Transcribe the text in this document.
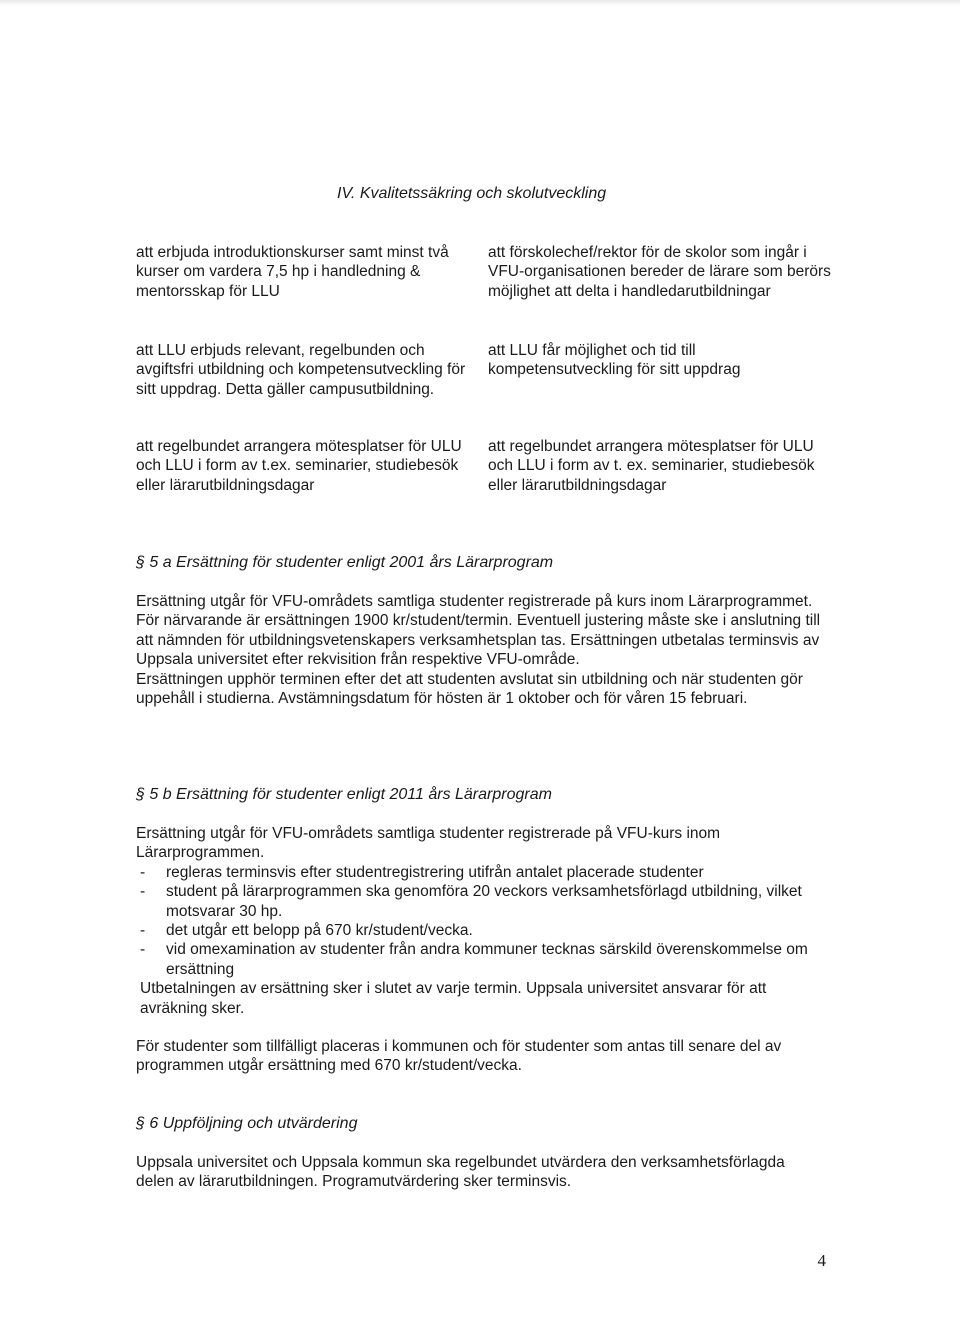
IV. Kvalitetssäkring och skolutveckling
att erbjuda introduktionskurser samt minst två kurser om vardera 7,5 hp i handledning & mentorsskap för LLU
att LLU erbjuds relevant, regelbunden och avgiftsfri utbildning och kompetensutveckling för sitt uppdrag. Detta gäller campusutbildning.
att regelbundet arrangera mötesplatser för ULU och LLU i form av t.ex. seminarier, studiebesök eller lärarutbildningsdagar
att förskolechef/rektor för de skolor som ingår i VFU-organisationen bereder de lärare som berörs möjlighet att delta i handledarutbildningar
att LLU får möjlighet och tid till kompetensutveckling för sitt uppdrag
att regelbundet arrangera mötesplatser för ULU och LLU i form av t. ex. seminarier, studiebesök eller lärarutbildningsdagar
§ 5 a Ersättning för studenter enligt 2001 års Lärarprogram

Ersättning utgår för VFU-områdets samtliga studenter registrerade på kurs inom Lärarprogrammet.

För närvarande är ersättningen 1900 kr/student/termin. Eventuell justering måste ske i anslutning till att nämnden för utbildningsvetenskapers verksamhetsplan tas. Ersättningen utbetalas terminsvis av Uppsala universitet efter rekvisition från respektive VFU-område.

Ersättningen upphör terminen efter det att studenten avslutat sin utbildning och när studenten gör uppehåll i studierna. Avstämningsdatum för hösten är 1 oktober och för våren 15 februari.

§ 5 b Ersättning för studenter enligt 2011 års Lärarprogram

Ersättning utgår för VFU-områdets samtliga studenter registrerade på VFU-kurs inom Lärarprogrammen.

- regleras terminsvis efter studentregistrering utifrån antalet placerade studenter
- student på lärarprogrammen ska genomföra 20 veckors verksamhetsförlagd utbildning, vilket motsvarar 30 hp.
- det utgår ett belopp på 670 kr/student/vecka.
- vid omexamination av studenter från andra kommuner tecknas särskild överenskommelse om ersättning

Utbetalningen av ersättning sker i slutet av varje termin. Uppsala universitet ansvarar för att avräkning sker.

För studenter som tillfälligt placeras i kommunen och för studenter som antas till senare del av programmen utgår ersättning med 670 kr/student/vecka.
§ 6 Uppföljning och utvärdering
Uppsala universitet och Uppsala kommun ska regelbundet utvärdera den verksamhetsförlagda delen av lärarutbildningen. Programutvärdering sker terminsvis.
4
